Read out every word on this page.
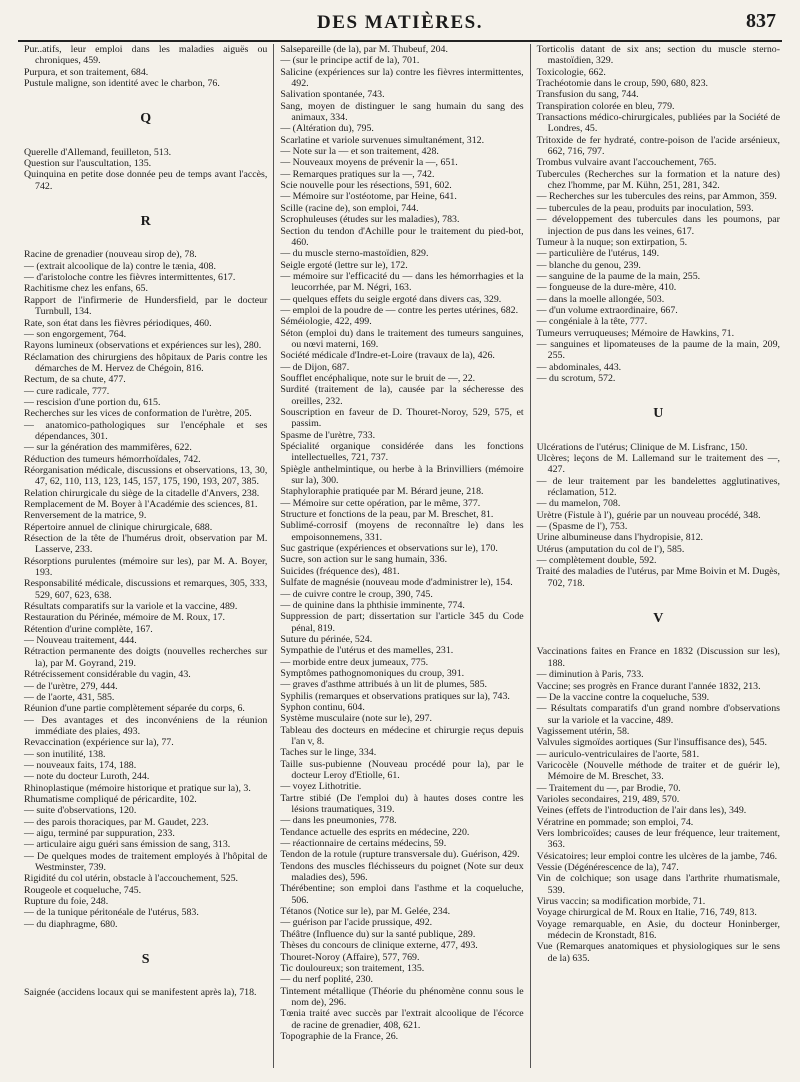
DES MATIÈRES.	837

Pur..atifs, leur emploi dans les maladies aiguës ou chroniques, 459.

Purpura, et son traitement, 684.

Pustule maligne, son identité avec le charbon, 76.

Q

Querelle d'Allemand, feuilleton, 513.

Question sur l'auscultation, 135.

Quinquina en petite dose donnée peu de temps avant l'accès, 742.

R

Racine de grenadier (nouveau sirop de), 78.

— (extrait alcoolique de la) contre le tænia, 408.

— d'aristoloche contre les fièvres intermittentes, 617.

Rachitisme chez les enfans, 65.

Rapport de l'infirmerie de Hundersfield, par le docteur Turnbull, 134.

Rate, son état dans les fièvres périodiques, 460.

— son engorgement, 764.

Rayons lumineux (observations et expériences sur les), 280.

Réclamation des chirurgiens des hôpitaux de Paris contre les démarches de M. Hervez de Chégoin, 816.

Rectum, de sa chute, 477.

— cure radicale, 777.

— rescision d'une portion du, 615.

Recherches sur les vices de conformation de l'urètre, 205.

— anatomico-pathologiques sur l'encéphale et ses dépendances, 301.

— sur la génération des mammifères, 622.

Réduction des tumeurs hémorrhoïdales, 742.

Réorganisation médicale, discussions et observations, 13, 30, 47, 62, 110, 113, 123, 145, 157, 175, 190, 193, 207, 385.

Relation chirurgicale du siège de la citadelle d'Anvers, 238.

Remplacement de M. Boyer à l'Académie des sciences, 81.

Renversement de la matrice, 9.

Répertoire annuel de clinique chirurgicale, 688.

Résection de la tête de l'humérus droit, observation par M. Lasserve, 233.

Résorptions purulentes (mémoire sur les), par M. A. Boyer, 193.

Responsabilité médicale, discussions et remarques, 305, 333, 529, 607, 623, 638.

Résultats comparatifs sur la variole et la vaccine, 489.

Restauration du Périnée, mémoire de M. Roux, 17.

Rétention d'urine complète, 167.

— Nouveau traitement, 444.

Rétraction permanente des doigts (nouvelles recherches sur la), par M. Goyrand, 219.

Rétrécissement considérable du vagin, 43.

— de l'urètre, 279, 444.

— de l'aorte, 431, 585.

Réunion d'une partie complètement séparée du corps, 6.

— Des avantages et des inconvéniens de la réunion immédiate des plaies, 493.

Revaccination (expérience sur la), 77.

— son inutilité, 138.

— nouveaux faits, 174, 188.

— note du docteur Luroth, 244.

Rhinoplastique (mémoire historique et pratique sur la), 3.

Rhumatisme compliqué de péricardite, 102.

— suite d'observations, 120.

— des parois thoraciques, par M. Gaudet, 223.

— aigu, terminé par suppuration, 233.

— articulaire aigu guéri sans émission de sang, 313.

— De quelques modes de traitement employés à l'hôpital de Westminster, 739.

Rigidité du col utérin, obstacle à l'accouchement, 525.

Rougeole et coqueluche, 745.

Rupture du foie, 248.

— de la tunique péritonéale de l'utérus, 583.

— du diaphragme, 680.

S

Saignée (accidens locaux qui se manifestent après la), 718.

Salsepareille (de la), par M. Thubeuf, 204.

— (sur le principe actif de la), 701.

Salicine (expériences sur la) contre les fièvres intermittentes, 492.

Salivation spontanée, 743.

Sang, moyen de distinguer le sang humain du sang des animaux, 334.

— (Altération du), 795.

Scarlatine et variole survenues simultanément, 312.

— Note sur la — et son traitement, 428.

— Nouveaux moyens de prévenir la —, 651.

— Remarques pratiques sur la —, 742.

Scie nouvelle pour les résections, 591, 602.

— Mémoire sur l'ostéotome, par Heine, 641.

Scille (racine de), son emploi, 744.

Scrophuleuses (études sur les maladies), 783.

Section du tendon d'Achille pour le traitement du pied-bot, 460.

— du muscle sterno-mastoïdien, 829.

Seigle ergoté (lettre sur le), 172.

— mémoire sur l'efficacité du — dans les hémorrhagies et la leucorrhée, par M. Négri, 163.

— quelques effets du seigle ergoté dans divers cas, 329.

— emploi de la poudre de — contre les pertes utérines, 682.

Séméiologie, 422, 499.

Séton (emploi du) dans le traitement des tumeurs sanguines, ou nœvi materni, 169.

Société médicale d'Indre-et-Loire (travaux de la), 426.

— de Dijon, 687.

Soufflet encéphalique, note sur le bruit de —, 22.

Surdité (traitement de la), causée par la sécheresse des oreilles, 232.

Souscription en faveur de D. Thouret-Noroy, 529, 575, et passim.

Spasme de l'urètre, 733.

Spécialité organique considérée dans les fonctions intellectuelles, 721, 737.

Spiègle anthelmintique, ou herbe à la Brinvilliers (mémoire sur la), 300.

Staphyloraphie pratiquée par M. Bérard jeune, 218.

— Mémoire sur cette opération, par le même, 377.

Structure et fonctions de la peau, par M. Breschet, 81.

Sublimé-corrosif (moyens de reconnaître le) dans les empoisonnemens, 331.

Suc gastrique (expériences et observations sur le), 170.

Sucre, son action sur le sang humain, 336.

Suicides (fréquence des), 481.

Sulfate de magnésie (nouveau mode d'administrer le), 154.

— de cuivre contre le croup, 390, 745.

— de quinine dans la phthisie imminente, 774.

Suppression de part; dissertation sur l'article 345 du Code pénal, 819.

Suture du périnée, 524.

Sympathie de l'utérus et des mamelles, 231.

— morbide entre deux jumeaux, 775.

Symptômes pathognomoniques du croup, 391.

— graves d'asthme attribués à un lit de plumes, 585.

Syphilis (remarques et observations pratiques sur la), 743.

Syphon continu, 604.

Système musculaire (note sur le), 297.

Tableau des docteurs en médecine et chirurgie reçus depuis l'an v, 8.

Taches sur le linge, 334.

Taille sus-pubienne (Nouveau procédé pour la), par le docteur Leroy d'Etiolle, 61.

— voyez Lithotritie.

Tartre stibié (De l'emploi du) à hautes doses contre les lésions traumatiques, 319.

— dans les pneumonies, 778.

Tendance actuelle des esprits en médecine, 220.

— réactionnaire de certains médecins, 59.

Tendon de la rotule (rupture transversale du). Guérison, 429.

Tendons des muscles fléchisseurs du poignet (Note sur deux maladies des), 596.

Thérébentine; son emploi dans l'asthme et la coqueluche, 506.

Tétanos (Notice sur le), par M. Gelée, 234.

— guérison par l'acide prussique, 492.

Théâtre (Influence du) sur la santé publique, 289.

Thèses du concours de clinique externe, 477, 493.

Thouret-Noroy (Affaire), 577, 769.

Tic douloureux; son traitement, 135.

— du nerf poplité, 230.

Tintement métallique (Théorie du phénomène connu sous le nom de), 296.

Tœnia traité avec succès par l'extrait alcoolique de l'écorce de racine de grenadier, 408, 621.

Topographie de la France, 26.

Torticolis datant de six ans; section du muscle sterno-mastoïdien, 329.

Toxicologie, 662.

Trachéotomie dans le croup, 590, 680, 823.

Transfusion du sang, 744.

Transpiration colorée en bleu, 779.

Transactions médico-chirurgicales, publiées par la Société de Londres, 45.

Tritoxide de fer hydraté, contre-poison de l'acide arsénieux, 662, 716, 797.

Trombus vulvaire avant l'accouchement, 765.

Tubercules (Recherches sur la formation et la nature des) chez l'homme, par M. Kühn, 251, 281, 342.

— Recherches sur les tubercules des reins, par Ammon, 359.

— tubercules de la peau, produits par inoculation, 593.

— développement des tubercules dans les poumons, par injection de pus dans les veines, 617.

Tumeur à la nuque; son extirpation, 5.

— particulière de l'utérus, 149.

— blanche du genou, 239.

— sanguine de la paume de la main, 255.

— fongueuse de la dure-mère, 410.

— dans la moelle allongée, 503.

— d'un volume extraordinaire, 667.

— congéniale à la tête, 777.

Tumeurs verruqueuses; Mémoire de Hawkins, 71.

— sanguines et lipomateuses de la paume de la main, 209, 255.

— abdominales, 443.

— du scrotum, 572.

U

Ulcérations de l'utérus; Clinique de M. Lisfranc, 150.

Ulcères; leçons de M. Lallemand sur le traitement des —, 427.

— de leur traitement par les bandelettes agglutinatives, réclamation, 512.

— du mamelon, 708.

Urètre (Fistule à l'), guérie par un nouveau procédé, 348.

— (Spasme de l'), 753.

Urine albumineuse dans l'hydropisie, 812.

Utérus (amputation du col de l'), 585.

— complètement double, 592.

Traité des maladies de l'utérus, par Mme Boivin et M. Dugès, 702, 718.

V

Vaccinations faites en France en 1832 (Discussion sur les), 188.

— diminution à Paris, 733.

Vaccine; ses progrès en France durant l'année 1832, 213.

— De la vaccine contre la coqueluche, 539.

— Résultats comparatifs d'un grand nombre d'observations sur la variole et la vaccine, 489.

Vagissement utérin, 58.

Valvules sigmoïdes aortiques (Sur l'insuffisance des), 545.

— auriculo-ventriculaires de l'aorte, 581.

Varicocèle (Nouvelle méthode de traiter et de guérir le), Mémoire de M. Breschet, 33.

— Traitement du —, par Brodie, 70.

Varioles secondaires, 219, 489, 570.

Veines (effets de l'introduction de l'air dans les), 349.

Vératrine en pommade; son emploi, 74.

Vers lombricoïdes; causes de leur fréquence, leur traitement, 363.

Vésicatoires; leur emploi contre les ulcères de la jambe, 746.

Vessie (Dégénérescence de la), 747.

Vin de colchique; son usage dans l'arthrite rhumatismale, 539.

Virus vaccin; sa modification morbide, 71.

Voyage chirurgical de M. Roux en Italie, 716, 749, 813.

Voyage remarquable, en Asie, du docteur Honinberger, médecin de Kronstadt, 816.

Vue (Remarques anatomiques et physiologiques sur le sens de la) 635.
